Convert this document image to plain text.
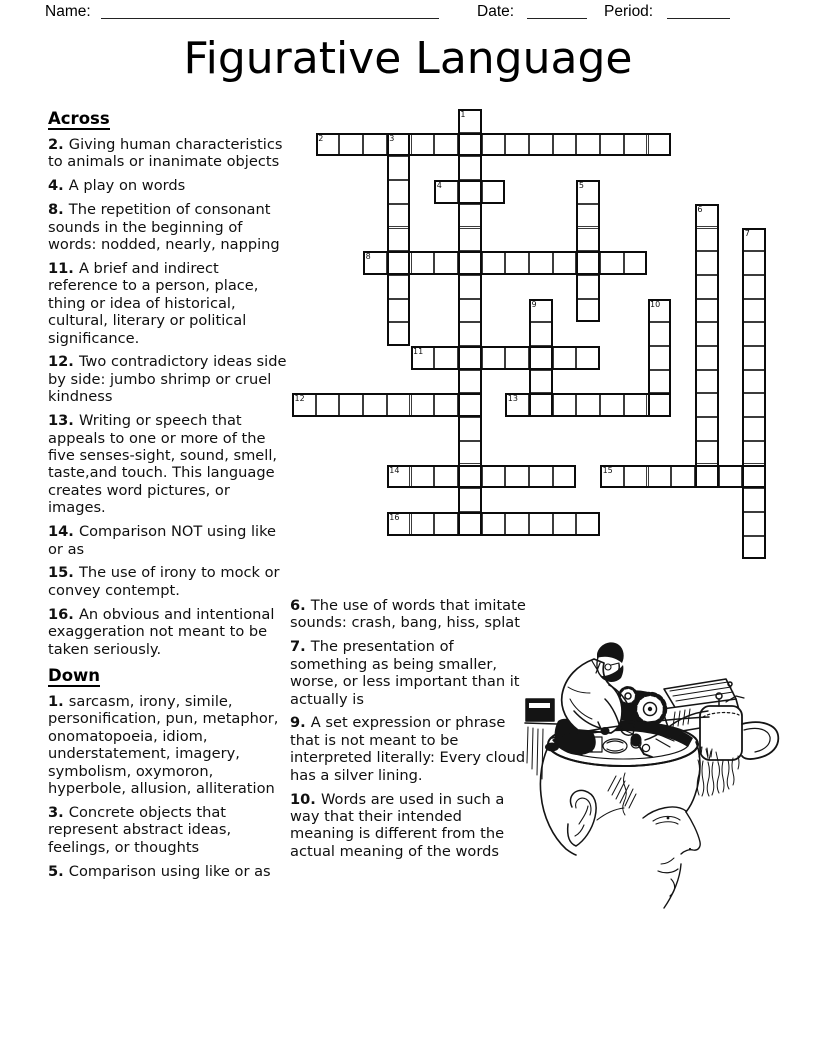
Name:	Date:	Period:
Figurative Language
1
2	3
4	5
6
7
8
9	10
11
12	13
14	15
16
Across

2. Giving human characteristics to animals or inanimate objects

4. A play on words

8. The repetition of consonant sounds in the beginning of words: nodded, nearly, napping

11. A brief and indirect reference to a person, place, thing or idea of historical, cultural, literary or political significance.

12. Two contradictory ideas side by side: jumbo shrimp or cruel kindness

13. Writing or speech that appeals to one or more of the five senses-sight, sound, smell, taste,and touch. This language creates word pictures, or images.

14. Comparison NOT using like or as

15. The use of irony to mock or convey contempt.

16. An obvious and intentional exaggeration not meant to be taken seriously.

Down

1. sarcasm, irony, simile, personification, pun, metaphor, onomatopoeia, idiom, understatement, imagery, symbolism, oxymoron, hyperbole, allusion, alliteration

3. Concrete objects that represent abstract ideas, feelings, or thoughts

5. Comparison using like or as

6. The use of words that imitate sounds: crash, bang, hiss, splat

7. The presentation of something as being smaller, worse, or less important than it actually is

9. A set expression or phrase that is not meant to be interpreted literally: Every cloud has a silver lining.

10. Words are used in such a way that their intended meaning is different from the actual meaning of the words
